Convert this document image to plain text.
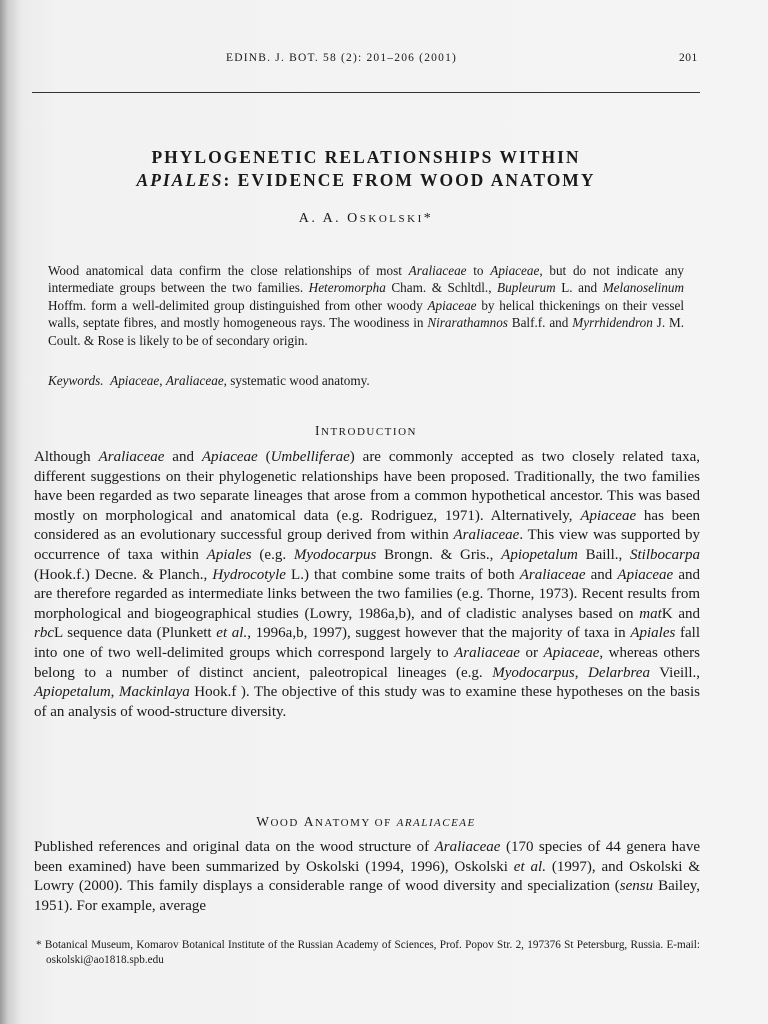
EDINB. J. BOT. 58 (2): 201–206 (2001)	201
PHYLOGENETIC RELATIONSHIPS WITHIN
APIALES: EVIDENCE FROM WOOD ANATOMY
A. A. OSKOLSKI*

Wood anatomical data confirm the close relationships of most Araliaceae to Apiaceae, but do not indicate any intermediate groups between the two families. Heteromorpha Cham. & Schltdl., Bupleurum L. and Melanoselinum Hoffm. form a well-delimited group distinguished from other woody Apiaceae by helical thickenings on their vessel walls, septate fibres, and mostly homogeneous rays. The woodiness in Nirarathamnos Balf.f. and Myrrhidendron J. M. Coult. & Rose is likely to be of secondary origin.

Keywords. Apiaceae, Araliaceae, systematic wood anatomy.
INTRODUCTION

Although Araliaceae and Apiaceae (Umbelliferae) are commonly accepted as two closely related taxa, different suggestions on their phylogenetic relationships have been proposed. Traditionally, the two families have been regarded as two separate lineages that arose from a common hypothetical ancestor. This was based mostly on morphological and anatomical data (e.g. Rodriguez, 1971). Alternatively, Apiaceae has been considered as an evolutionary successful group derived from within Araliaceae. This view was supported by occurrence of taxa within Apiales (e.g. Myodocarpus Brongn. & Gris., Apiopetalum Baill., Stilbocarpa (Hook.f.) Decne. & Planch., Hydrocotyle L.) that combine some traits of both Araliaceae and Apiaceae and are therefore regarded as intermediate links between the two families (e.g. Thorne, 1973). Recent results from morphological and biogeographical studies (Lowry, 1986a,b), and of cladistic analyses based on matK and rbcL sequence data (Plunkett et al., 1996a,b, 1997), suggest however that the majority of taxa in Apiales fall into one of two well-delimited groups which correspond largely to Araliaceae or Apiaceae, whereas others belong to a number of distinct ancient, paleotropical lineages (e.g. Myodocarpus, Delarbrea Vieill., Apiopetalum, Mackinlaya Hook.f ). The objective of this study was to examine these hypotheses on the basis of an analysis of wood-structure diversity.

WOOD ANATOMY OF ARALIACEAE

Published references and original data on the wood structure of Araliaceae (170 species of 44 genera have been examined) have been summarized by Oskolski (1994, 1996), Oskolski et al. (1997), and Oskolski & Lowry (2000). This family displays a considerable range of wood diversity and specialization (sensu Bailey, 1951). For example, average

* Botanical Museum, Komarov Botanical Institute of the Russian Academy of Sciences, Prof. Popov Str. 2, 197376 St Petersburg, Russia. E-mail: oskolski@ao1818.spb.edu
